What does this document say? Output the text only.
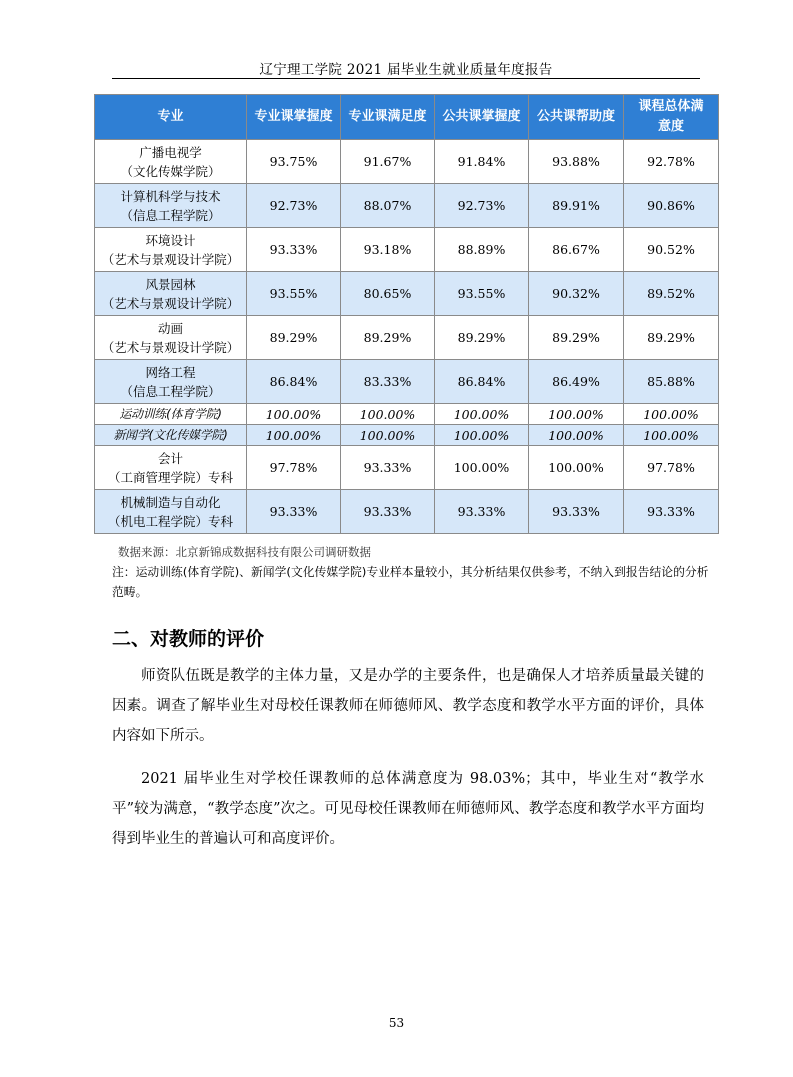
辽宁理工学院 2021 届毕业生就业质量年度报告
专业	专业课掌握度	专业课满足度	公共课掌握度	公共课帮助度	课程总体满意度
广播电视学
（文化传媒学院）	93.75%	91.67%	91.84%	93.88%	92.78%
计算机科学与技术
（信息工程学院）	92.73%	88.07%	92.73%	89.91%	90.86%
环境设计
（艺术与景观设计学院）	93.33%	93.18%	88.89%	86.67%	90.52%
风景园林
（艺术与景观设计学院）	93.55%	80.65%	93.55%	90.32%	89.52%
动画
（艺术与景观设计学院）	89.29%	89.29%	89.29%	89.29%	89.29%
网络工程
（信息工程学院）	86.84%	83.33%	86.84%	86.49%	85.88%
运动训练(体育学院)	100.00%	100.00%	100.00%	100.00%	100.00%
新闻学(文化传媒学院)	100.00%	100.00%	100.00%	100.00%	100.00%
会计
（工商管理学院）专科	97.78%	93.33%	100.00%	100.00%	97.78%
机械制造与自动化
（机电工程学院）专科	93.33%	93.33%	93.33%	93.33%	93.33%
数据来源：北京新锦成数据科技有限公司调研数据
注：运动训练(体育学院)、新闻学(文化传媒学院)专业样本量较小，其分析结果仅供参考，不纳入到报告结论的分析范畴。
二、对教师的评价
师资队伍既是教学的主体力量，又是办学的主要条件，也是确保人才培养质量最关键的因素。调查了解毕业生对母校任课教师在师德师风、教学态度和教学水平方面的评价，具体内容如下所示。
2021 届毕业生对学校任课教师的总体满意度为 98.03%；其中，毕业生对“教学水平”较为满意，“教学态度”次之。可见母校任课教师在师德师风、教学态度和教学水平方面均得到毕业生的普遍认可和高度评价。
53
